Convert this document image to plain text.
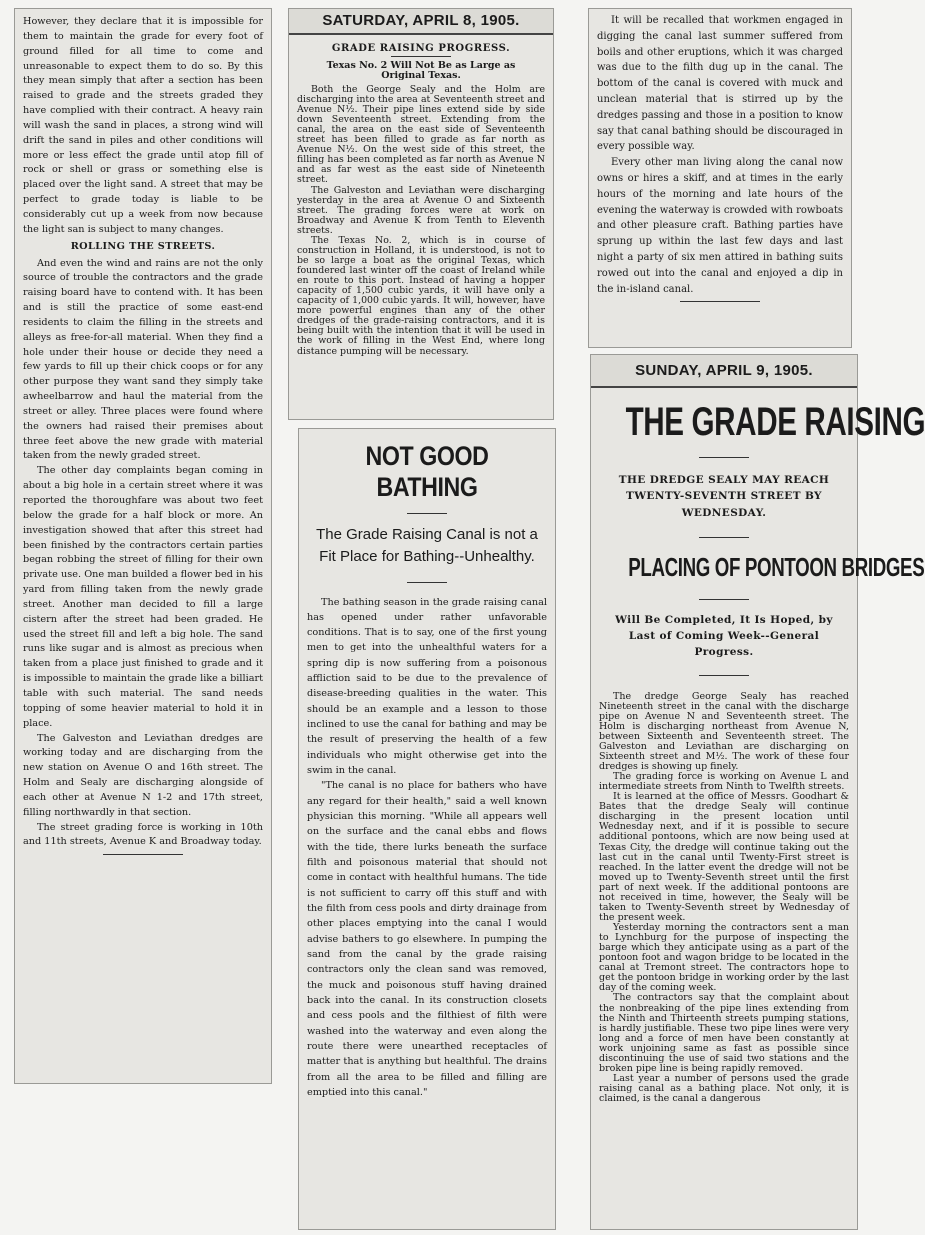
However, they declare that it is impossible for them to maintain the grade for every foot of ground filled for all time to come and unreasonable to expect them to do so. By this they mean simply that after a section has been raised to grade and the streets graded they have complied with their contract. A heavy rain will wash the sand in places, a strong wind will drift the sand in piles and other conditions will more or less effect the grade until atop fill of rock or shell or grass or something else is placed over the light sand. A street that may be perfect to grade today is liable to be considerably cut up a week from now because the light san is subject to many changes.

ROLLING THE STREETS.

And even the wind and rains are not the only source of trouble the contractors and the grade raising board have to contend with. It has been and is still the practice of some east-end residents to claim the filling in the streets and alleys as free-for-all material. When they find a hole under their house or decide they need a few yards to fill up their chick coops or for any other purpose they want sand they simply take awheelbarrow and haul the material from the street or alley. Three places were found where the owners had raised their premises about three feet above the new grade with material taken from the newly graded street.

The other day complaints began coming in about a big hole in a certain street where it was reported the thoroughfare was about two feet below the grade for a half block or more. An investigation showed that after this street had been finished by the contractors certain parties began robbing the street of filling for their own private use. One man builded a flower bed in his yard from filling taken from the newly grade street. Another man decided to fill a large cistern after the street had been graded. He used the street fill and left a big hole. The sand runs like sugar and is almost as precious when taken from a place just finished to grade and it is impossible to maintain the grade like a billiart table with such material. The sand needs topping of some heavier material to hold it in place.

The Galveston and Leviathan dredges are working today and are discharging from the new station on Avenue O and 16th street. The Holm and Sealy are discharging alongside of each other at Avenue N 1-2 and 17th street, filling northwardly in that section.

The street grading force is working in 10th and 11th streets, Avenue K and Broadway today.

SATURDAY, APRIL 8, 1905.
GRADE RAISING PROGRESS.
Texas No. 2 Will Not Be as Large as Original Texas.

Both the George Sealy and the Holm are discharging into the area at Seventeenth street and Avenue N½. Their pipe lines extend side by side down Seventeenth street. Extending from the canal, the area on the east side of Seventeenth street has been filled to grade as far north as Avenue N½. On the west side of this street, the filling has been completed as far north as Avenue N and as far west as the east side of Nineteenth street.

The Galveston and Leviathan were discharging yesterday in the area at Avenue O and Sixteenth street. The grading forces were at work on Broadway and Avenue K from Tenth to Eleventh streets.

The Texas No. 2, which is in course of construction in Holland, it is understood, is not to be so large a boat as the original Texas, which foundered last winter off the coast of Ireland while en route to this port. Instead of having a hopper capacity of 1,500 cubic yards, it will have only a capacity of 1,000 cubic yards. It will, however, have more powerful engines than any of the other dredges of the grade-raising contractors, and it is being built with the intention that it will be used in the work of filling in the West End, where long distance pumping will be necessary.

NOT GOOD BATHING
The Grade Raising Canal is not a Fit Place for Bathing--Unhealthy.

The bathing season in the grade raising canal has opened under rather unfavorable conditions. That is to say, one of the first young men to get into the unhealthful waters for a spring dip is now suffering from a poisonous affliction said to be due to the prevalence of disease-breeding qualities in the water. This should be an example and a lesson to those inclined to use the canal for bathing and may be the result of preserving the health of a few individuals who might otherwise get into the swim in the canal.

"The canal is no place for bathers who have any regard for their health," said a well known physician this morning. "While all appears well on the surface and the canal ebbs and flows with the tide, there lurks beneath the surface filth and poisonous material that should not come in contact with healthful humans. The tide is not sufficient to carry off this stuff and with the filth from cess pools and dirty drainage from other places emptying into the canal I would advise bathers to go elsewhere. In pumping the sand from the canal by the grade raising contractors only the clean sand was removed, the muck and poisonous stuff having drained back into the canal. In its construction closets and cess pools and the filthiest of filth were washed into the waterway and even along the route there were unearthed receptacles of matter that is anything but healthful. The drains from all the area to be filled and filling are emptied into this canal."

It will be recalled that workmen engaged in digging the canal last summer suffered from boils and other eruptions, which it was charged was due to the filth dug up in the canal. The bottom of the canal is covered with muck and unclean material that is stirred up by the dredges passing and those in a position to know say that canal bathing should be discouraged in every possible way.

Every other man living along the canal now owns or hires a skiff, and at times in the early hours of the morning and late hours of the evening the waterway is crowded with rowboats and other pleasure craft. Bathing parties have sprung up within the last few days and last night a party of six men attired in bathing suits rowed out into the canal and enjoyed a dip in the in-island canal.

SUNDAY, APRIL 9, 1905.
THE GRADE RAISING
THE DREDGE SEALY MAY REACH TWENTY-SEVENTH STREET BY WEDNESDAY.
PLACING OF PONTOON BRIDGES
Will Be Completed, It Is Hoped, by Last of Coming Week--General Progress.

The dredge George Sealy has reached Nineteenth street in the canal with the discharge pipe on Avenue N and Seventeenth street. The Holm is discharging northeast from Avenue N, between Sixteenth and Seventeenth street. The Galveston and Leviathan are discharging on Sixteenth street and M½. The work of these four dredges is showing up finely.

The grading force is working on Avenue L and intermediate streets from Ninth to Twelfth streets.

It is learned at the office of Messrs. Goodhart & Bates that the dredge Sealy will continue discharging in the present location until Wednesday next, and if it is possible to secure additional pontoons, which are now being used at Texas City, the dredge will continue taking out the last cut in the canal until Twenty-First street is reached. In the latter event the dredge will not be moved up to Twenty-Seventh street until the first part of next week. If the additional pontoons are not received in time, however, the Sealy will be taken to Twenty-Seventh street by Wednesday of the present week.

Yesterday morning the contractors sent a man to Lynchburg for the purpose of inspecting the barge which they anticipate using as a part of the pontoon foot and wagon bridge to be located in the canal at Tremont street. The contractors hope to get the pontoon bridge in working order by the last day of the coming week.

The contractors say that the complaint about the nonbreaking of the pipe lines extending from the Ninth and Thirteenth streets pumping stations, is hardly justifiable. These two pipe lines were very long and a force of men have been constantly at work unjoining same as fast as possible since discontinuing the use of said two stations and the broken pipe line is being rapidly removed.

Last year a number of persons used the grade raising canal as a bathing place. Not only, it is claimed, is the canal a dangerous
